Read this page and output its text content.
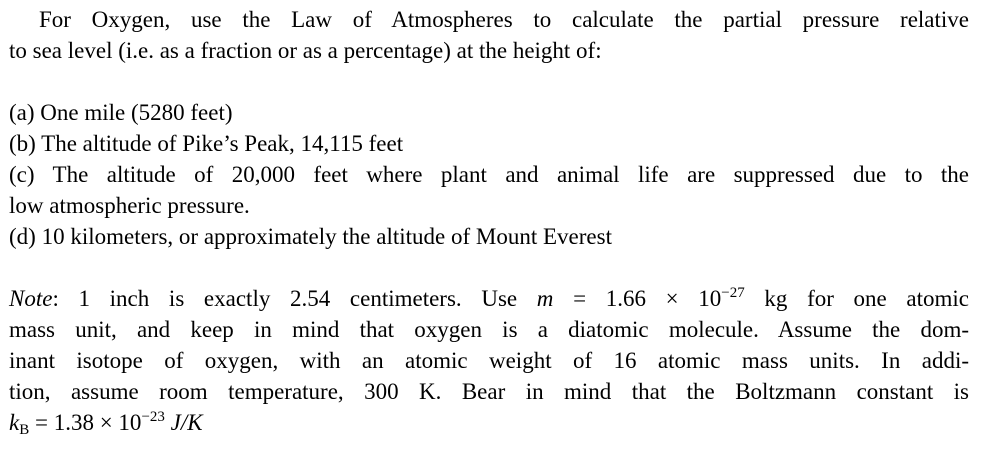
For Oxygen, use the Law of Atmospheres to calculate the partial pressure relative
to sea level (i.e. as a fraction or as a percentage) at the height of:
(a) One mile (5280 feet)
(b) The altitude of Pike’s Peak, 14,115 feet
(c) The altitude of 20,000 feet where plant and animal life are suppressed due to the
low atmospheric pressure.
(d) 10 kilometers, or approximately the altitude of Mount Everest
Note: 1 inch is exactly 2.54 centimeters. Use $m = 1.66 \times 10^{-27}$ kg for one atomic
mass unit, and keep in mind that oxygen is a diatomic molecule. Assume the dom-
inant isotope of oxygen, with an atomic weight of 16 atomic mass units. In addi-
tion, assume room temperature, 300 K. Bear in mind that the Boltzmann constant is
$k_B = 1.38 \times 10^{-23}$ J/K
